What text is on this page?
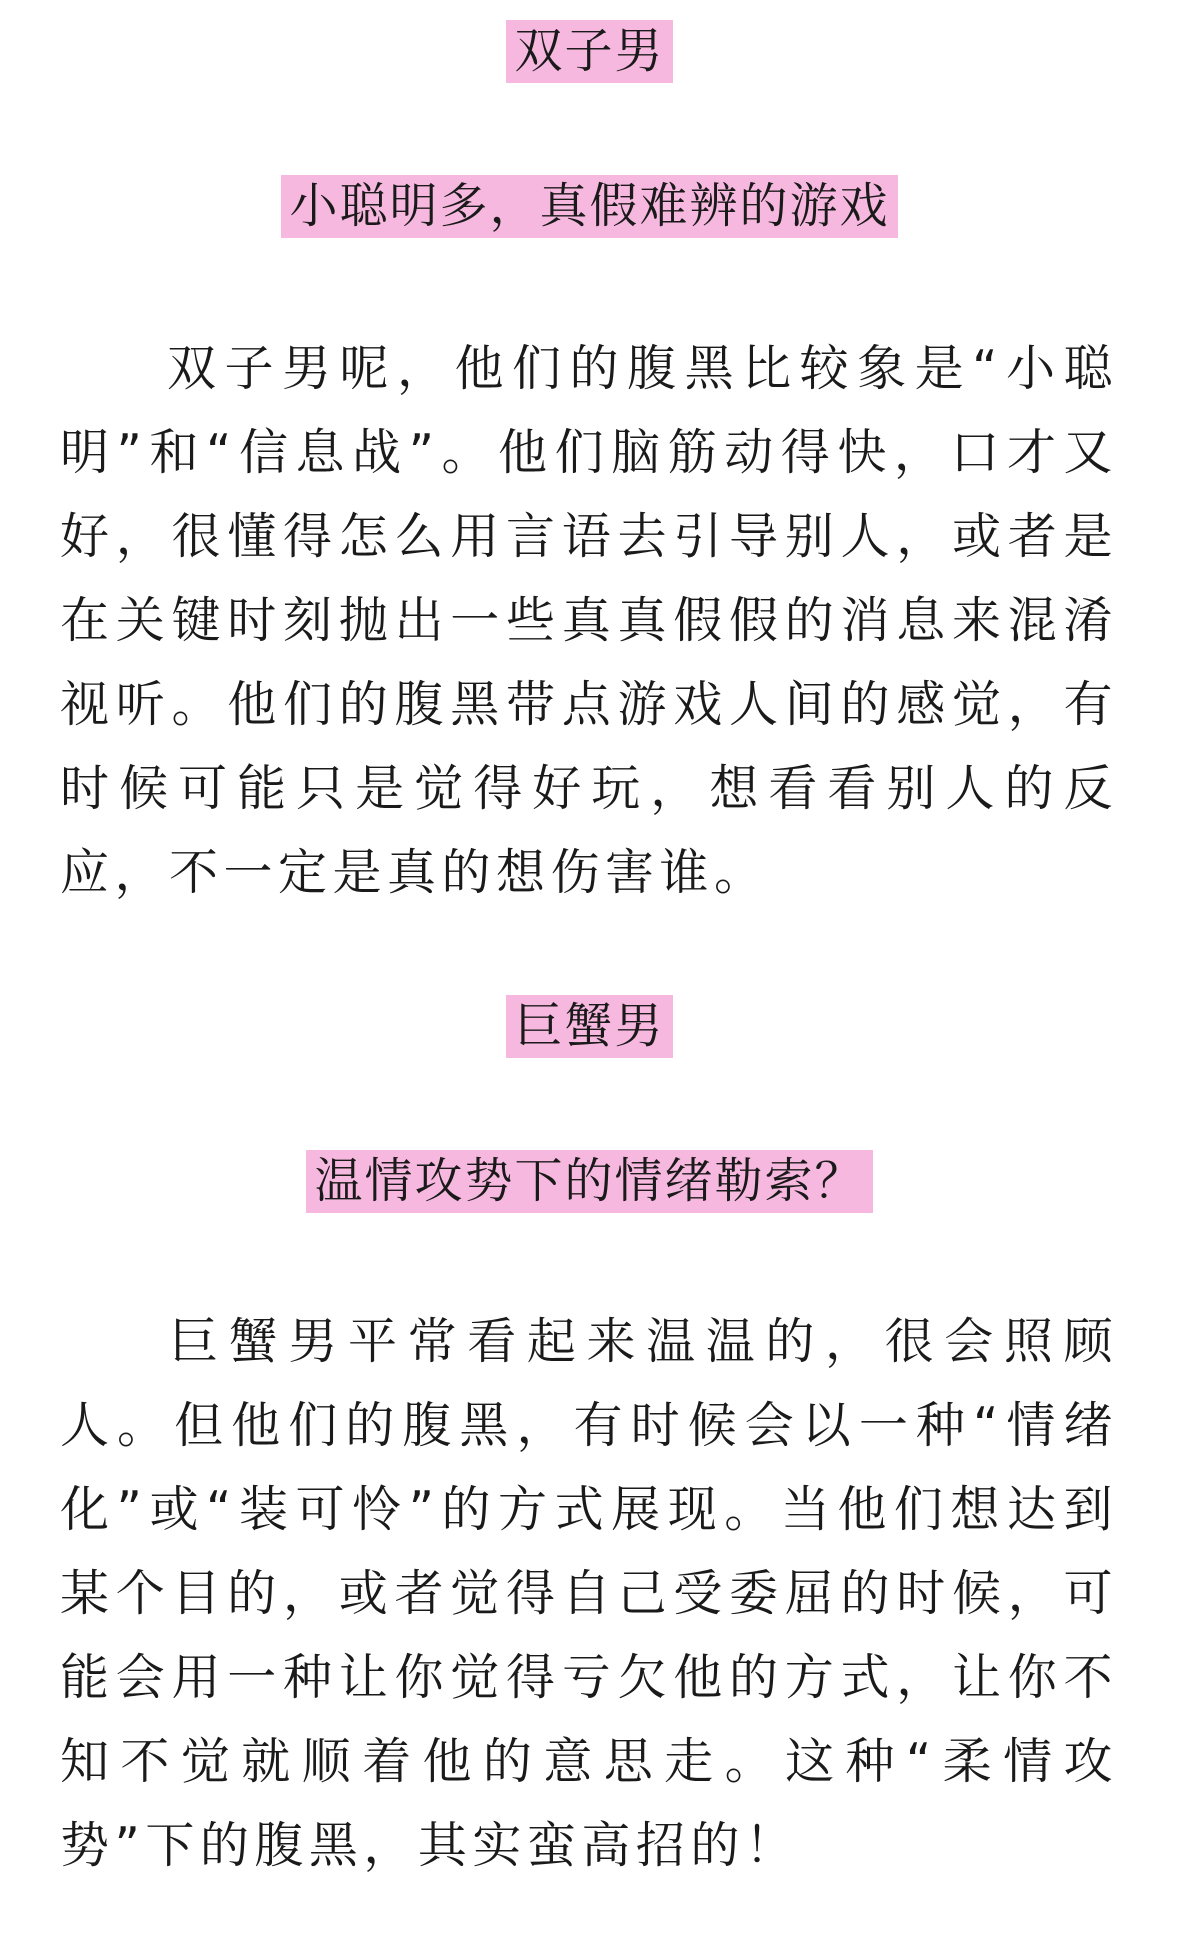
双子男
小聪明多，真假难辨的游戏

双子男呢，他们的腹黑比较象是“小聪明”和“信息战”。他们脑筋动得快，口才又好，很懂得怎么用言语去引导别人，或者是在关键时刻抛出一些真真假假的消息来混淆视听。他们的腹黑带点游戏人间的感觉，有时候可能只是觉得好玩，想看看别人的反应，不一定是真的想伤害谁。

巨蟹男
温情攻势下的情绪勒索？

巨蟹男平常看起来温温的，很会照顾人。但他们的腹黑，有时候会以一种“情绪化”或“装可怜”的方式展现。当他们想达到某个目的，或者觉得自己受委屈的时候，可能会用一种让你觉得亏欠他的方式，让你不知不觉就顺着他的意思走。这种“柔情攻势”下的腹黑，其实蛮高招的！
